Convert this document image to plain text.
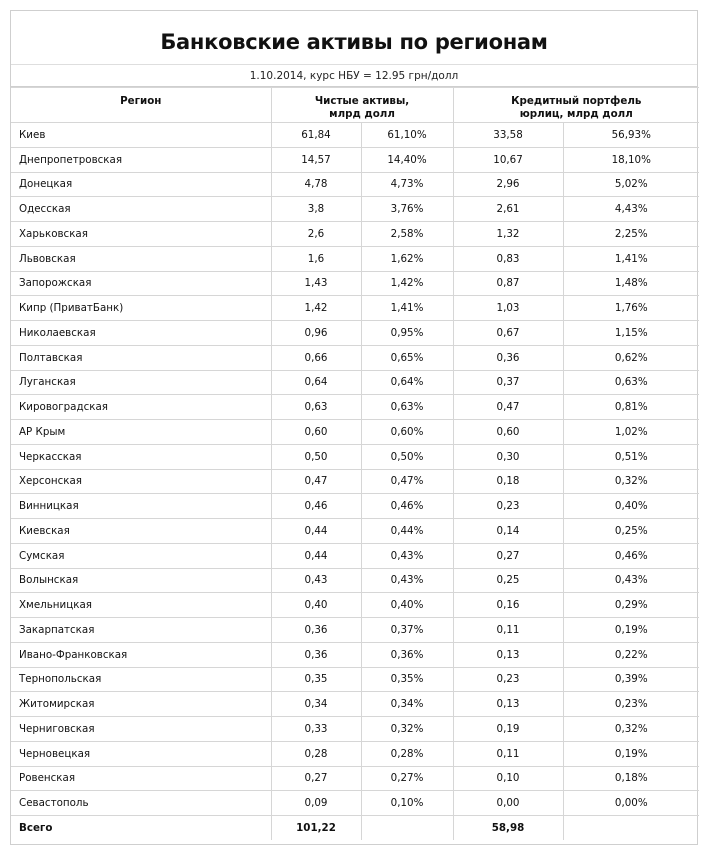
Банковские активы по регионам
1.10.2014, курс НБУ = 12.95 грн/долл
Регион	Чистые активы,
млрд долл		Кредитный портфель
юрлиц, млрд долл	
Киев	61,84	61,10%	33,58	56,93%
Днепропетровская	14,57	14,40%	10,67	18,10%
Донецкая	4,78	4,73%	2,96	5,02%
Одесская	3,8	3,76%	2,61	4,43%
Харьковская	2,6	2,58%	1,32	2,25%
Львовская	1,6	1,62%	0,83	1,41%
Запорожская	1,43	1,42%	0,87	1,48%
Кипр (ПриватБанк)	1,42	1,41%	1,03	1,76%
Николаевская	0,96	0,95%	0,67	1,15%
Полтавская	0,66	0,65%	0,36	0,62%
Луганская	0,64	0,64%	0,37	0,63%
Кировоградская	0,63	0,63%	0,47	0,81%
АР Крым	0,60	0,60%	0,60	1,02%
Черкасская	0,50	0,50%	0,30	0,51%
Херсонская	0,47	0,47%	0,18	0,32%
Винницкая	0,46	0,46%	0,23	0,40%
Киевская	0,44	0,44%	0,14	0,25%
Сумская	0,44	0,43%	0,27	0,46%
Волынская	0,43	0,43%	0,25	0,43%
Хмельницкая	0,40	0,40%	0,16	0,29%
Закарпатская	0,36	0,37%	0,11	0,19%
Ивано-Франковская	0,36	0,36%	0,13	0,22%
Тернопольская	0,35	0,35%	0,23	0,39%
Житомирская	0,34	0,34%	0,13	0,23%
Черниговская	0,33	0,32%	0,19	0,32%
Черновецкая	0,28	0,28%	0,11	0,19%
Ровенская	0,27	0,27%	0,10	0,18%
Севастополь	0,09	0,10%	0,00	0,00%
Всего	101,22		58,98	
